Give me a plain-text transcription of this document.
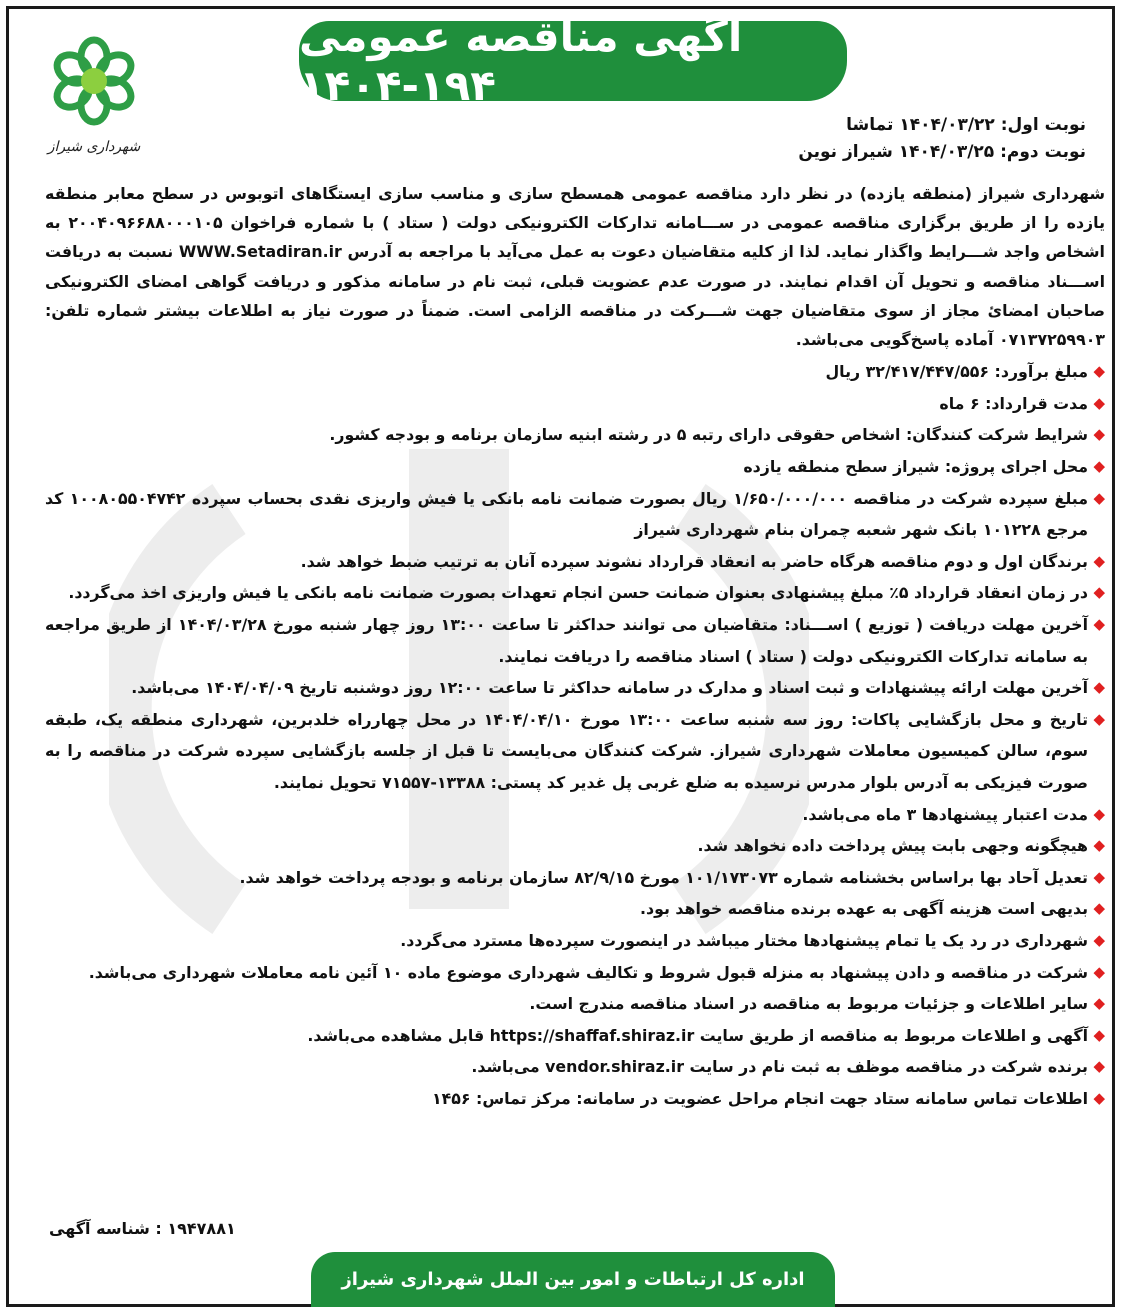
آگهی مناقصه عمومی ۱۹۴-۱۴۰۴
شهرداری شیراز
نوبت اول: ۱۴۰۴/۰۳/۲۲ تماشا
نوبت دوم: ۱۴۰۴/۰۳/۲۵ شیراز نوین

شهرداری شیراز (منطقه یازده) در نظر دارد مناقصه عمومی همسطح سازی و مناسب سازی ایستگاهای اتوبوس در سطح معابر منطقه یازده را از طریق برگزاری مناقصه عمومی در ســـامانه تدارکات الکترونیکی دولت ( ستاد ) با شماره فراخوان ۲۰۰۴۰۹۶۶۸۸۰۰۰۱۰۵ به اشخاص واجد شـــرایط واگذار نماید. لذا از کلیه متقاضیان دعوت به عمل می‌آید با مراجعه به آدرس WWW.Setadiran.ir نسبت به دریافت اســـناد مناقصه و تحویل آن اقدام نمایند. در صورت عدم عضویت قبلی، ثبت نام در سامانه مذکور و دریافت گواهی امضای الکترونیکی صاحبان امضائ مجاز از سوی متقاضیان جهت شـــرکت در مناقصه الزامی است. ضمناً در صورت نیاز به اطلاعات بیشتر شماره تلفن: ۰۷۱۳۷۲۵۹۹۰۳ آماده پاسخ‌گویی می‌باشد.

◆
مبلغ برآورد: ۳۲/۴۱۷/۴۴۷/۵۵۶ ریال
◆
مدت قرارداد: ۶ ماه
◆
شرایط شرکت کنندگان: اشخاص حقوقی دارای رتبه ۵ در رشته ابنیه سازمان برنامه و بودجه کشور.
◆
محل اجرای پروژه: شیراز سطح منطقه یازده
◆
مبلغ سپرده شرکت در مناقصه ۱/۶۵۰/۰۰۰/۰۰۰ ریال بصورت ضمانت نامه بانکی یا فیش واریزی نقدی بحساب سپرده ۱۰۰۸۰۵۵۰۴۷۴۲ کد مرجع ۱۰۱۲۲۸ بانک شهر شعبه چمران بنام شهرداری شیراز
◆
برندگان اول و دوم مناقصه هرگاه حاضر به انعقاد قرارداد نشوند سپرده آنان به ترتیب ضبط خواهد شد.
◆
در زمان انعقاد قرارداد ۵٪ مبلغ پیشنهادی بعنوان ضمانت حسن انجام تعهدات بصورت ضمانت نامه بانکی یا فیش واریزی اخذ می‌گردد.
◆
آخرین مهلت دریافت ( توزیع ) اســـناد: متقاضیان می توانند حداکثر تا ساعت ۱۳:۰۰ روز چهار شنبه مورخ ۱۴۰۴/۰۳/۲۸ از طریق مراجعه به سامانه تدارکات الکترونیکی دولت ( ستاد ) اسناد مناقصه را دریافت نمایند.
◆
آخرین مهلت ارائه پیشنهادات و ثبت اسناد و مدارک در سامانه حداکثر تا ساعت ۱۲:۰۰ روز دوشنبه تاریخ ۱۴۰۴/۰۴/۰۹ می‌باشد.
◆
تاریخ و محل بازگشایی پاکات: روز سه شنبه ساعت ۱۳:۰۰ مورخ ۱۴۰۴/۰۴/۱۰ در محل چهارراه خلدبرین، شهرداری منطقه یک، طبقه سوم، سالن کمیسیون معاملات شهرداری شیراز. شرکت کنندگان می‌بایست تا قبل از جلسه بازگشایی سپرده شرکت در مناقصه را به صورت فیزیکی به آدرس بلوار مدرس نرسیده به ضلع غربی پل غدیر کد پستی: ۱۳۳۸۸-۷۱۵۵۷ تحویل نمایند.
◆
مدت اعتبار پیشنهادها ۳ ماه می‌باشد.
◆
هیچگونه وجهی بابت پیش پرداخت داده نخواهد شد.
◆
تعدیل آحاد بها براساس بخشنامه شماره ۱۰۱/۱۷۳۰۷۳ مورخ ۸۲/۹/۱۵ سازمان برنامه و بودجه پرداخت خواهد شد.
◆
بدیهی است هزینه آگهی به عهده برنده مناقصه خواهد بود.
◆
شهرداری در رد یک یا تمام پیشنهادها مختار میباشد در اینصورت سپرده‌ها مسترد می‌گردد.
◆
شرکت در مناقصه و دادن پیشنهاد به منزله قبول شروط و تکالیف شهرداری موضوع ماده ۱۰ آئین نامه معاملات شهرداری می‌باشد.
◆
سایر اطلاعات و جزئیات مربوط به مناقصه در اسناد مناقصه مندرج است.
◆
آگهی و اطلاعات مربوط به مناقصه از طریق سایت https://shaffaf.shiraz.ir قابل مشاهده می‌باشد.
◆
برنده شرکت در مناقصه موظف به ثبت نام در سایت vendor.shiraz.ir می‌باشد.
◆
اطلاعات تماس سامانه ستاد جهت انجام مراحل عضویت در سامانه: مرکز تماس: ۱۴۵۶
۱۹۴۷۸۸۱ : شناسه آگهی
اداره کل ارتباطات و امور بین الملل شهرداری شیراز
